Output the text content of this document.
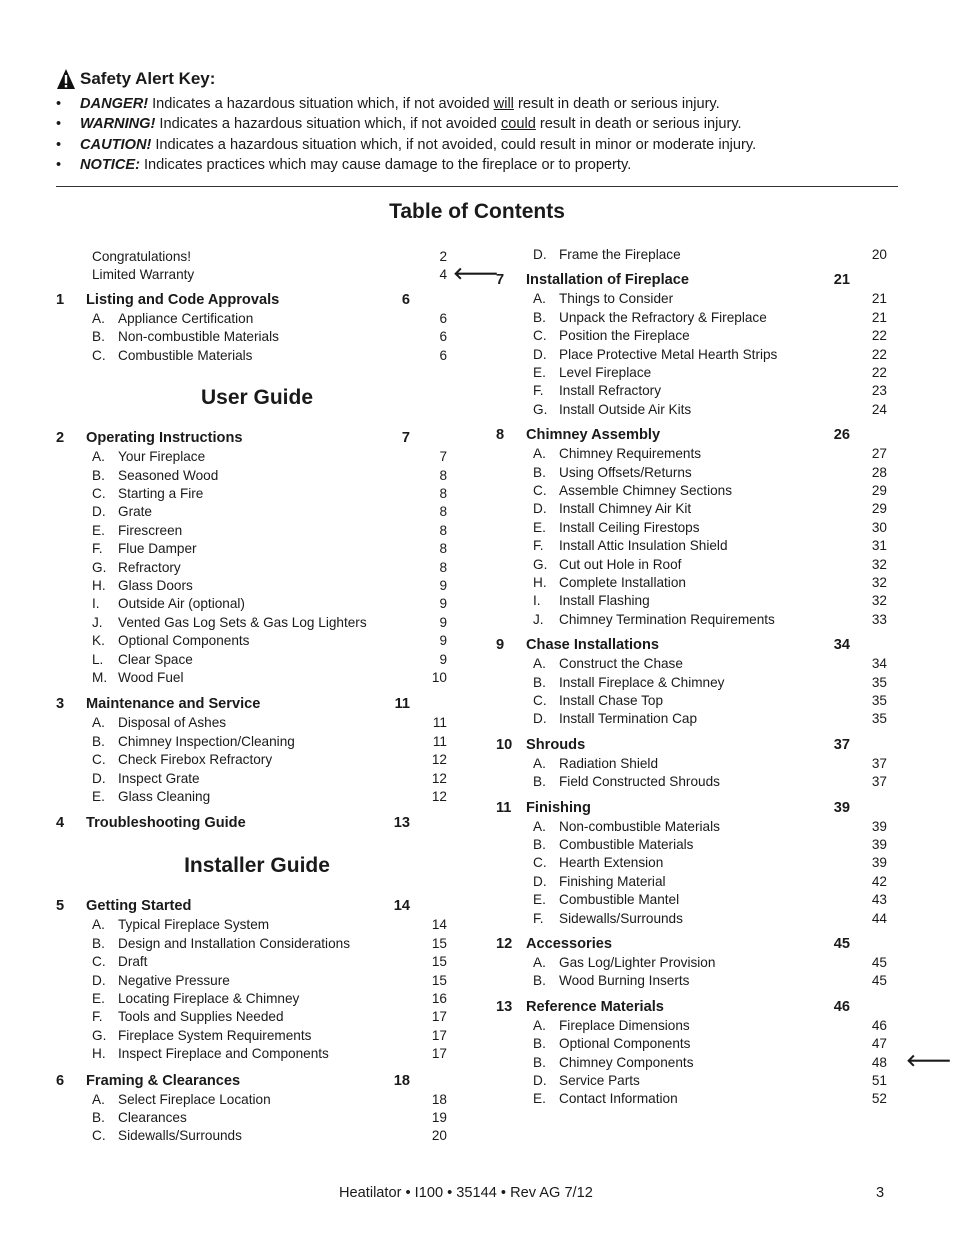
Safety Alert Key:
•	DANGER! Indicates a hazardous situation which, if not avoided will result in death or serious injury.
•	WARNING! Indicates a hazardous situation which, if not avoided could result in death or serious injury.
•	CAUTION! Indicates a hazardous situation which, if not avoided, could result in minor or moderate injury.
•	NOTICE: Indicates practices which may cause damage to the fireplace or to property.
Table of Contents
Congratulations!	2
Limited Warranty	4 🡐
1 Listing and Code Approvals	6
A. Appliance Certification	6
B. Non-combustible Materials	6
C. Combustible Materials	6
User Guide
2 Operating Instructions	7
A. Your Fireplace	7
B. Seasoned Wood	8
C. Starting a Fire	8
D. Grate	8
E. Firescreen	8
F. Flue Damper	8
G. Refractory	8
H. Glass Doors	9
I. Outside Air (optional)	9
J. Vented Gas Log Sets & Gas Log Lighters	9
K. Optional Components	9
L. Clear Space	9
M. Wood Fuel	10
3 Maintenance and Service	11
A. Disposal of Ashes	11
B. Chimney Inspection/Cleaning	11
C. Check Firebox Refractory	12
D. Inspect Grate	12
E. Glass Cleaning	12
4 Troubleshooting Guide	13
Installer Guide
5 Getting Started	14
A. Typical Fireplace System	14
B. Design and Installation Considerations	15
C. Draft	15
D. Negative Pressure	15
E. Locating Fireplace & Chimney	16
F. Tools and Supplies Needed	17
G. Fireplace System Requirements	17
H. Inspect Fireplace and Components	17
6 Framing & Clearances	18
A. Select Fireplace Location	18
B. Clearances	19
C. Sidewalls/Surrounds	20
D. Frame the Fireplace	20
7 Installation of Fireplace	21
A. Things to Consider	21
B. Unpack the Refractory & Fireplace	21
C. Position the Fireplace	22
D. Place Protective Metal Hearth Strips	22
E. Level Fireplace	22
F. Install Refractory	23
G. Install Outside Air Kits	24
8 Chimney Assembly	26
A. Chimney Requirements	27
B. Using Offsets/Returns	28
C. Assemble Chimney Sections	29
D. Install Chimney Air Kit	29
E. Install Ceiling Firestops	30
F. Install Attic Insulation Shield	31
G. Cut out Hole in Roof	32
H. Complete Installation	32
I. Install Flashing	32
J. Chimney Termination Requirements	33
9 Chase Installations	34
A. Construct the Chase	34
B. Install Fireplace & Chimney	35
C. Install Chase Top	35
D. Install Termination Cap	35
10 Shrouds	37
A. Radiation Shield	37
B. Field Constructed Shrouds	37
11 Finishing	39
A. Non-combustible Materials	39
B. Combustible Materials	39
C. Hearth Extension	39
D. Finishing Material	42
E. Combustible Mantel	43
F. Sidewalls/Surrounds	44
12 Accessories	45
A. Gas Log/Lighter Provision	45
B. Wood Burning Inserts	45
13 Reference Materials	46
A. Fireplace Dimensions	46
B. Optional Components	47
B. Chimney Components	48 🡐
D. Service Parts	51
E. Contact Information	52
Heatilator • I100 • 35144 • Rev AG 7/12	3
